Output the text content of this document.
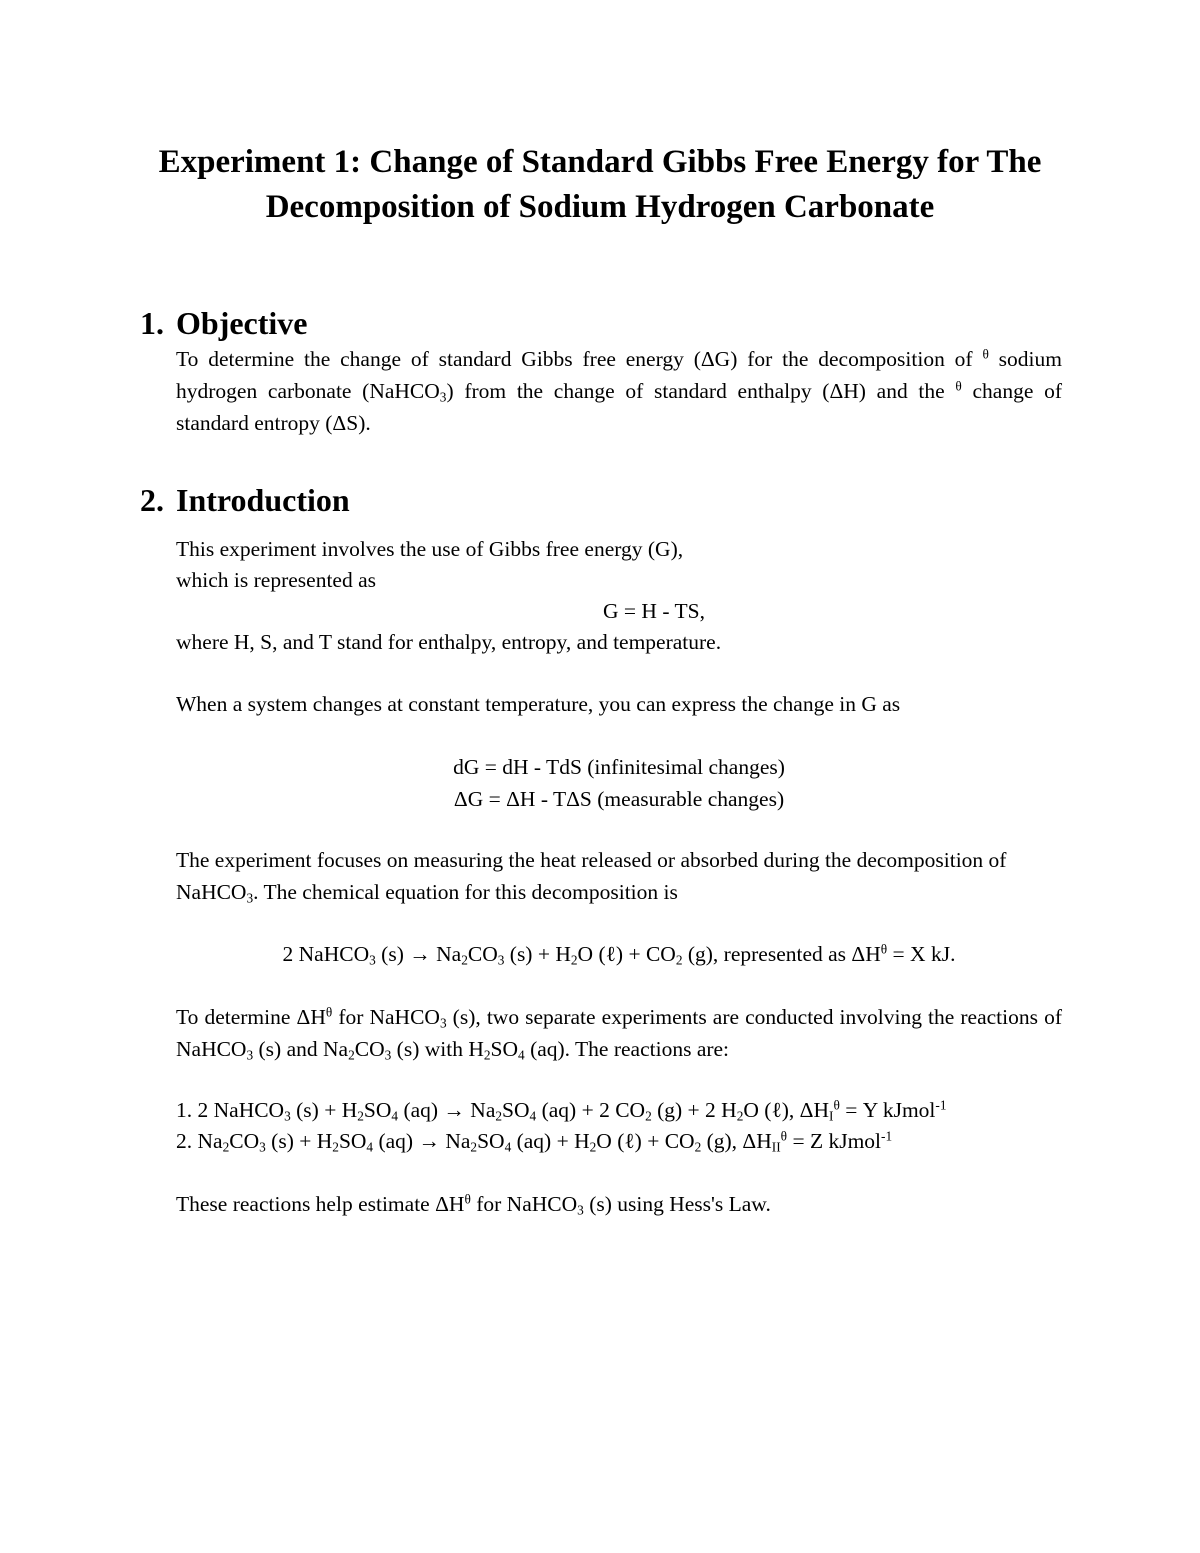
Experiment 1: Change of Standard Gibbs Free Energy for The
Decomposition of Sodium Hydrogen Carbonate
1. Objective
To determine the change of standard Gibbs free energy (ΔG) for the decomposition of $^\theta$ sodium hydrogen carbonate (NaHCO$_3$) from the change of standard enthalpy (ΔH) and the $^\theta$ change of standard entropy (ΔS).
2. Introduction
This experiment involves the use of Gibbs free energy (G),
which is represented as
G = H - TS,
where H, S, and T stand for enthalpy, entropy, and temperature.
When a system changes at constant temperature, you can express the change in G as
dG = dH - TdS (infinitesimal changes)
ΔG = ΔH - TΔS (measurable changes)
The experiment focuses on measuring the heat released or absorbed during the decomposition of NaHCO$_3$. The chemical equation for this decomposition is
2 NaHCO$_3$ $(s) \to Na_2CO_3$ $(s) + H_2O$ (ℓ) + $CO_2$ (g), represented as $\Delta H^\theta = X$ kJ.
To determine $\Delta H^\theta$ for NaHCO$_3$ (s), two separate experiments are conducted involving the reactions of NaHCO$_3$ (s) and $Na_2CO_3$ (s) with $H_2SO_4$ (aq). The reactions are:
1. 2 NaHCO$_3$ $(s) + H_2SO_4$ $(aq) \to Na_2SO_4$ (aq) + 2 $CO_2$ (g) + 2 $H_2O$ (ℓ), $\Delta H_I^\theta = Y$ kJmol$^{-1}$
2. $Na_2CO_3$ $(s) + H_2SO_4$ $(aq) \to Na_2SO_4$ $(aq) + H_2O$ (ℓ) + $CO_2$ (g), $\Delta H_{II}^\theta = Z$ kJmol$^{-1}$
These reactions help estimate $\Delta H^\theta$ for NaHCO$_3$ (s) using Hess's Law.
